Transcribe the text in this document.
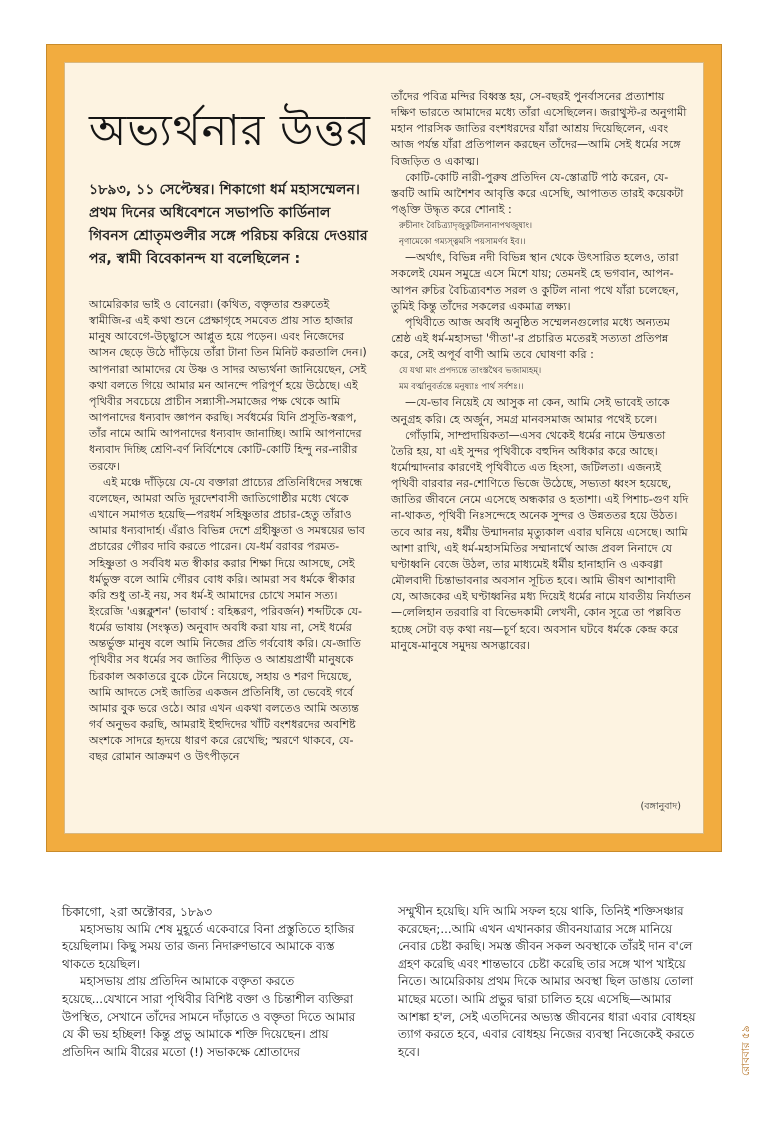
অভ্যর্থনার উত্তর
১৮৯৩, ১১ সেপ্টেম্বর। শিকাগো ধর্ম মহাসম্মেলন। প্রথম দিনের অধিবেশনে সভাপতি কার্ডিনাল গিবনস শ্রোতৃমণ্ডলীর সঙ্গে পরিচয় করিয়ে দেওয়ার পর, স্বামী বিবেকানন্দ যা বলেছিলেন :

আমেরিকার ভাই ও বোনেরা। (কথিত, বক্তৃতার শুরুতেই স্বামীজি-র এই কথা শুনে প্রেক্ষাগৃহে সমবেত প্রায় সাত হাজার মানুষ আবেগে-উচ্ছ্বাসে আপ্লুত হয়ে পড়েন। এবং নিজেদের আসন ছেড়ে উঠে দাঁড়িয়ে তাঁরা টানা তিন মিনিট করতালি দেন।) আপনারা আমাদের যে উষ্ণ ও সাদর অভ্যর্থনা জানিয়েছেন, সেই কথা বলতে গিয়ে আমার মন আনন্দে পরিপূর্ণ হয়ে উঠেছে। এই পৃথিবীর সবচেয়ে প্রাচীন সন্ন্যাসী-সমাজের পক্ষ থেকে আমি আপনাদের ধন্যবাদ জ্ঞাপন করছি। সর্বধর্মের যিনি প্রসূতি-স্বরূপ, তাঁর নামে আমি আপনাদের ধন্যবাদ জানাচ্ছি। আমি আপনাদের ধন্যবাদ দিচ্ছি শ্রেণি-বর্ণ নির্বিশেষে কোটি-কোটি হিন্দু নর-নারীর তরফে।

এই মঞ্চে দাঁড়িয়ে যে-যে বক্তারা প্রাচ্যের প্রতিনিধিদের সম্বন্ধে বলেছেন, আমরা অতি দূরদেশবাসী জাতিগোষ্ঠীর মধ্যে থেকে এখানে সমাগত হয়েছি—পরধর্ম সহিষ্ণুতার প্রচার-হেতু তাঁরাও আমার ধন্যবাদার্হ। এঁরাও বিভিন্ন দেশে গ্রহীষ্ণুতা ও সমন্বয়ের ভাব প্রচারের গৌরব দাবি করতে পারেন। যে-ধর্ম বরাবর পরমত-সহিষ্ণুতা ও সর্ববিধ মত স্বীকার করার শিক্ষা দিয়ে আসছে, সেই ধর্মভুক্ত বলে আমি গৌরব বোধ করি। আমরা সব ধর্মকে স্বীকার করি শুধু তা-ই নয়, সব ধর্ম-ই আমাদের চোখে সমান সত্য। ইংরেজি 'এক্সক্লুশন' (ভাবার্থ : বহিষ্করণ, পরিবর্জন) শব্দটিকে যে-ধর্মের ভাষায় (সংস্কৃত) অনুবাদ অবধি করা যায় না, সেই ধর্মের অন্তর্ভুক্ত মানুষ বলে আমি নিজের প্রতি গর্ববোধ করি। যে-জাতি পৃথিবীর সব ধর্মের সব জাতির পীড়িত ও আশ্রয়প্রার্থী মানুষকে চিরকাল অকাতরে বুকে টেনে নিয়েছে, সহায় ও শরণ দিয়েছে, আমি আদতে সেই জাতির একজন প্রতিনিধি, তা ভেবেই গর্বে আমার বুক ভরে ওঠে। আর এখন একথা বলতেও আমি অত্যন্ত গর্ব অনুভব করছি, আমরাই ইহুদিদের খাঁটি বংশধরদের অবশিষ্ট অংশকে সাদরে হৃদয়ে ধারণ করে রেখেছি; স্মরণে থাকবে, যে-বছর রোমান আক্রমণ ও উৎপীড়নে

তাঁদের পবিত্র মন্দির বিধ্বস্ত হয়, সে-বছরই পুনর্বাসনের প্রত্যাশায় দক্ষিণ ভারতে আমাদের মধ্যে তাঁরা এসেছিলেন। জরাথুস্ট-র অনুগামী মহান পারসিক জাতির বংশধরদের যাঁরা আশ্রয় দিয়েছিলেন, এবং আজ পর্যন্ত যাঁরা প্রতিপালন করছেন তাঁদের—আমি সেই ধর্মের সঙ্গে বিজড়িত ও একাত্ম।

কোটি-কোটি নারী-পুরুষ প্রতিদিন যে-স্তোত্রটি পাঠ করেন, যে-স্তবটি আমি আশৈশব আবৃত্তি করে এসেছি, আপাতত তারই কয়েকটা পঙ্‌ক্তি উদ্ধৃত করে শোনাই :

রুচীনাং বৈচিত্র্যাদৃজুকুটিলনানাপথজুষাং।
নৃণামেকো গম্যস্ত্বমসি পয়সামর্ণব ইব।।

—অর্থাৎ, বিভিন্ন নদী বিভিন্ন স্থান থেকে উৎসারিত হলেও, তারা সকলেই যেমন সমুদ্রে এসে মিশে যায়; তেমনই হে ভগবান, আপন-আপন রুচির বৈচিত্র্যবশত সরল ও কুটিল নানা পথে যাঁরা চলেছেন, তুমিই কিন্তু তাঁদের সকলের একমাত্র লক্ষ্য।

পৃথিবীতে আজ অবধি অনুষ্ঠিত সম্মেলনগুলোর মধ্যে অন্যতম শ্রেষ্ঠ এই ধর্ম-মহাসভা 'গীতা'-র প্রচারিত মতেরই সত্যতা প্রতিপন্ন করে, সেই অপূর্ব বাণী আমি তবে ঘোষণা করি :

যে যথা মাং প্রপদ্যন্তে তাংস্তথৈব ভজাম্যহম্।
মম বর্ত্মানুবর্তন্তে মনুষ্যাঃ পার্থ সর্বশঃ।।

—যে-ভাব নিয়েই যে আসুক না কেন, আমি সেই ভাবেই তাকে অনুগ্রহ করি। হে অর্জুন, সমগ্র মানবসমাজ আমার পথেই চলে।

গোঁড়ামি, সাম্প্রদায়িকতা—এসব থেকেই ধর্মের নামে উন্মত্ততা তৈরি হয়, যা এই সুন্দর পৃথিবীকে বহুদিন অধিকার করে আছে। ধর্মোন্মাদনার কারণেই পৃথিবীতে এত হিংসা, জটিলতা। এজন্যই পৃথিবী বারবার নর-শোণিতে ভিজে উঠেছে, সভ্যতা ধ্বংস হয়েছে, জাতির জীবনে নেমে এসেছে অন্ধকার ও হতাশা। এই পিশাচ-গুণ যদি না-থাকত, পৃথিবী নিঃসন্দেহে অনেক সুন্দর ও উন্নততর হয়ে উঠত। তবে আর নয়, ধর্মীয় উন্মাদনার মৃত্যুকাল এবার ঘনিয়ে এসেছে। আমি আশা রাখি, এই ধর্ম-মহাসমিতির সম্মানার্থে আজ প্রবল নিনাদে যে ঘণ্টাধ্বনি বেজে উঠল, তার মাধ্যমেই ধর্মীয় হানাহানি ও একবগ্গা মৌলবাদী চিন্তাভাবনার অবসান সূচিত হবে। আমি ভীষণ আশাবাদী যে, আজকের এই ঘণ্টাধ্বনির মধ্য দিয়েই ধর্মের নামে যাবতীয় নির্যাতন—লেলিহান তরবারি বা বিভেদকামী লেখনী, কোন সূত্রে তা পল্লবিত হচ্ছে সেটা বড় কথা নয়—চূর্ণ হবে। অবসান ঘটবে ধর্মকে কেন্দ্র করে মানুষে-মানুষে সমুদয় অসদ্ভাবের।

(বঙ্গানুবাদ)

চিকাগো, ২রা অক্টোবর, ১৮৯৩

মহাসভায় আমি শেষ মুহূর্তে একেবারে বিনা প্রস্তুতিতে হাজির হয়েছিলাম। কিছু সময় তার জন্য নিদারুণভাবে আমাকে ব্যস্ত থাকতে হয়েছিল।

মহাসভায় প্রায় প্রতিদিন আমাকে বক্তৃতা করতে হয়েছে...যেখানে সারা পৃথিবীর বিশিষ্ট বক্তা ও চিন্তাশীল ব্যক্তিরা উপস্থিত, সেখানে তাঁদের সামনে দাঁড়াতে ও বক্তৃতা দিতে আমার যে কী ভয় হচ্ছিল! কিন্তু প্রভু আমাকে শক্তি দিয়েছেন। প্রায় প্রতিদিন আমি বীরের মতো (!) সভাকক্ষে শ্রোতাদের

সম্মুখীন হয়েছি। যদি আমি সফল হয়ে থাকি, তিনিই শক্তিসঞ্চার করেছেন;...আমি এখন এখানকার জীবনযাত্রার সঙ্গে মানিয়ে নেবার চেষ্টা করছি। সমস্ত জীবন সকল অবস্থাকে তাঁরই দান ব'লে গ্রহণ করেছি এবং শান্তভাবে চেষ্টা করেছি তার সঙ্গে খাপ খাইয়ে নিতে। আমেরিকায় প্রথম দিকে আমার অবস্থা ছিল ডাঙায় তোলা মাছের মতো। আমি প্রভুর দ্বারা চালিত হয়ে এসেছি—আমার আশঙ্কা হ'ল, সেই এতদিনের অভ্যস্ত জীবনের ধারা এবার বোধহয় ত্যাগ করতে হবে, এবার বোধহয় নিজের ব্যবস্থা নিজেকেই করতে হবে।	রোববার ৫৯
